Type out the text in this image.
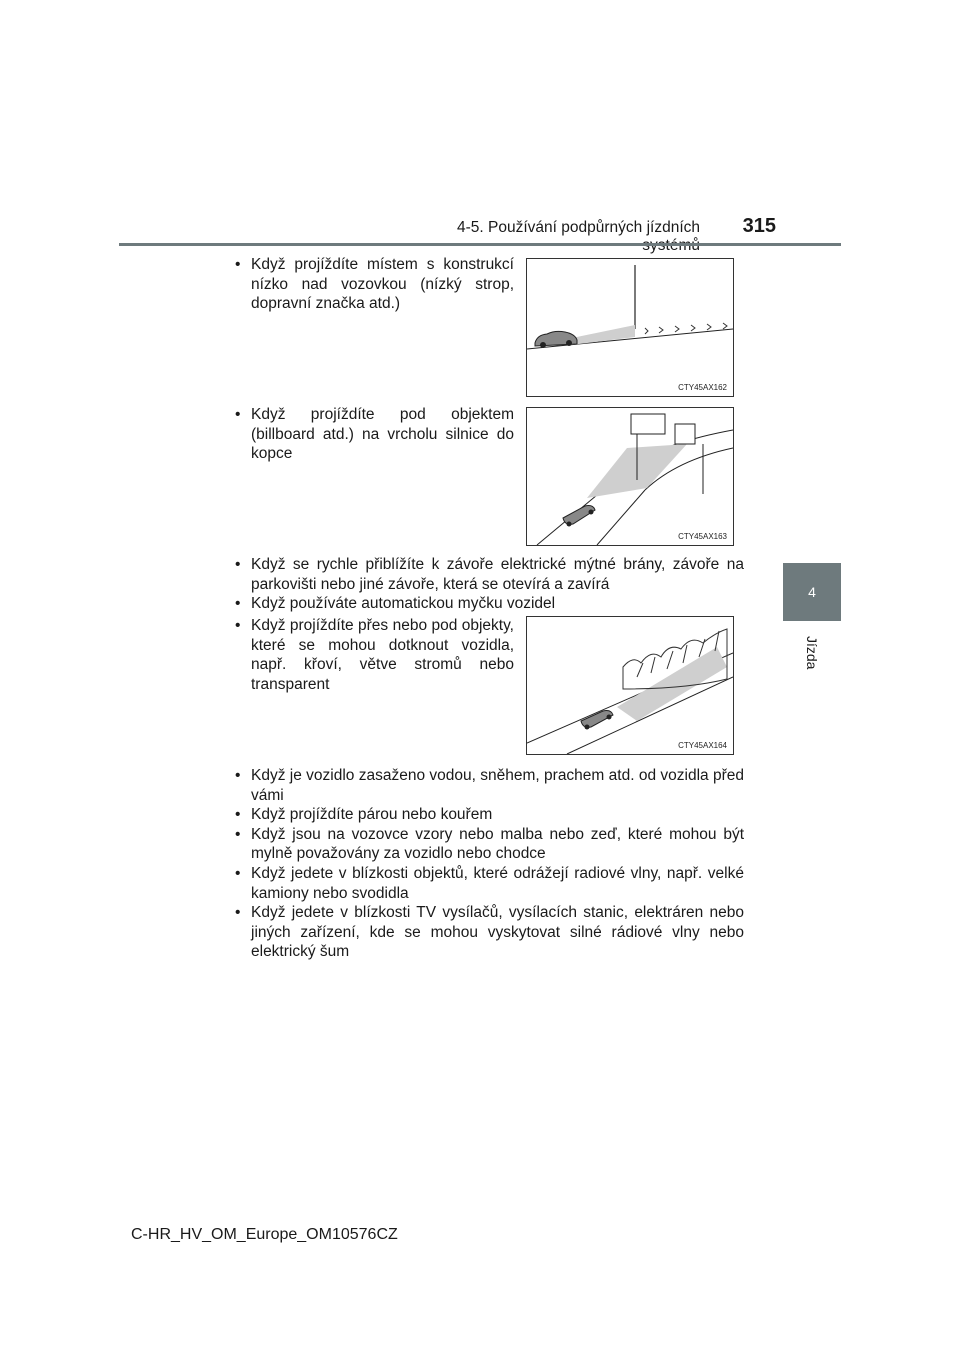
4-5. Používání podpůrných jízdních	315
4
Jízda
• Když projíždíte místem s konstrukcí nízko nad vozovkou (nízký strop, dopravní značka atd.)
CTY45AX162
• Když projíždíte pod objektem (billboard atd.) na vrcholu silnice do kopce
CTY45AX163
• Když se rychle přiblížíte k závoře elektrické mýtné brány, závoře na parkovišti nebo jiné závoře, která se otevírá a zavírá
• Když používáte automatickou myčku vozidel
• Když projíždíte přes nebo pod objekty, které se mohou dotknout vozidla, např. křoví, větve stromů nebo transparent
CTY45AX164
• Když je vozidlo zasaženo vodou, sněhem, prachem atd. od vozidla před vámi
• Když projíždíte párou nebo kouřem
• Když jsou na vozovce vzory nebo malba nebo zeď, které mohou být mylně považovány za vozidlo nebo chodce
• Když jedete v blízkosti objektů, které odrážejí radiové vlny, např. velké kamiony nebo svodidla
• Když jedete v blízkosti TV vysílačů, vysílacích stanic, elektráren nebo jiných zařízení, kde se mohou vyskytovat silné rádiové vlny nebo elektrický šum
C-HR_HV_OM_Europe_OM10576CZ
